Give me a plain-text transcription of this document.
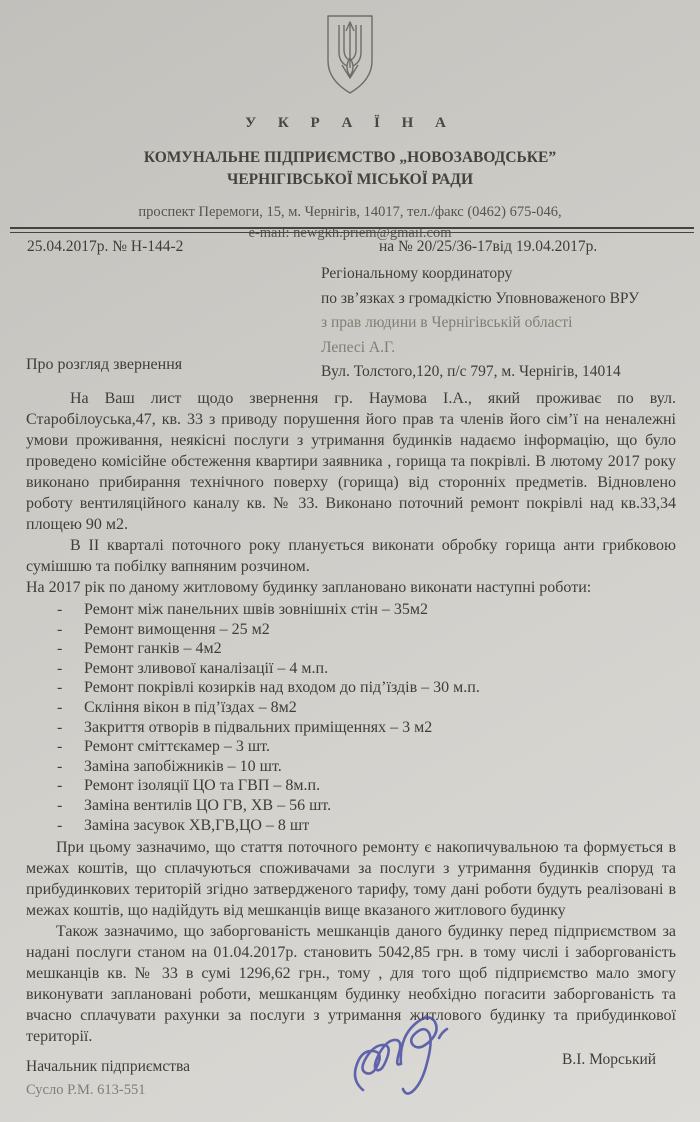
У К Р А Ї Н А
КОМУНАЛЬНЕ ПІДПРИЄМСТВО „НОВОЗАВОДСЬКЕ”
ЧЕРНІГІВСЬКОЇ МІСЬКОЇ РАДИ
проспект Перемоги, 15, м. Чернігів, 14017, тел./факс (0462) 675-046,
e-mail: newgkh.priem@gmail.com
25.04.2017р. № Н-144-2	на № 20/25/36-17від 19.04.2017р.
Регіональному координатору
по зв’язках з громадкістю Уповноваженого ВРУ
з прав людини в Чернігівській області
Лепесі А.Г.
Вул. Толстого,120, п/с 797, м. Чернігів, 14014
Про розгляд звернення

На Ваш лист щодо звернення гр. Наумова І.А., який проживає по вул. Старобілоуська,47, кв. 33 з приводу порушення його прав та членів його сім’ї на неналежні умови проживання, неякісні послуги з утримання будинків надаємо інформацію, що було проведено комісійне обстеження квартири заявника , горища та покрівлі. В лютому 2017 року виконано прибирання технічного поверху (горища) від сторонніх предметів. Відновлено роботу вентиляційного каналу кв. № 33. Виконано поточний ремонт покрівлі над кв.33,34 площею 90 м2.

В ІІ кварталі поточного року планується виконати обробку горища анти грибковою сумішшю та побілку вапняним розчином.

На 2017 рік по даному житловому будинку заплановано виконати наступні роботи:

-	Ремонт між панельних швів зовнішніх стін – 35м2
-	Ремонт вимощення – 25 м2
-	Ремонт ганків – 4м2
-	Ремонт зливової каналізації – 4 м.п.
-	Ремонт покрівлі козирків над входом до під’їздів – 30 м.п.
-	Скління вікон в під’їздах – 8м2
-	Закриття отворів в підвальних приміщеннях – 3 м2
-	Ремонт сміттєкамер – 3 шт.
-	Заміна запобіжників – 10 шт.
-	Ремонт ізоляції ЦО та ГВП – 8м.п.
-	Заміна вентилів ЦО ГВ, ХВ – 56 шт.
-	Заміна засувок ХВ,ГВ,ЦО – 8 шт

При цьому зазначимо, що стаття поточного ремонту є накопичувальною та формується в межах коштів, що сплачуються споживачами за послуги з утримання будинків споруд та прибудинкових територій згідно затвердженого тарифу, тому дані роботи будуть реалізовані в межах коштів, що надійдуть від мешканців вище вказаного житлового будинку

Також зазначимо, що заборгованість мешканців даного будинку перед підприємством за надані послуги станом на 01.04.2017р. становить 5042,85 грн. в тому числі і заборгованість мешканців кв. № 33 в сумі 1296,62 грн., тому , для того щоб підприємство мало змогу виконувати заплановані роботи, мешканцям будинку необхідно погасити заборгованість та вчасно сплачувати рахунки за послуги з утримання житлового будинку та прибудинкової території.

Начальник підприємства
Сусло Р.М. 613-551
В.І. Морський
